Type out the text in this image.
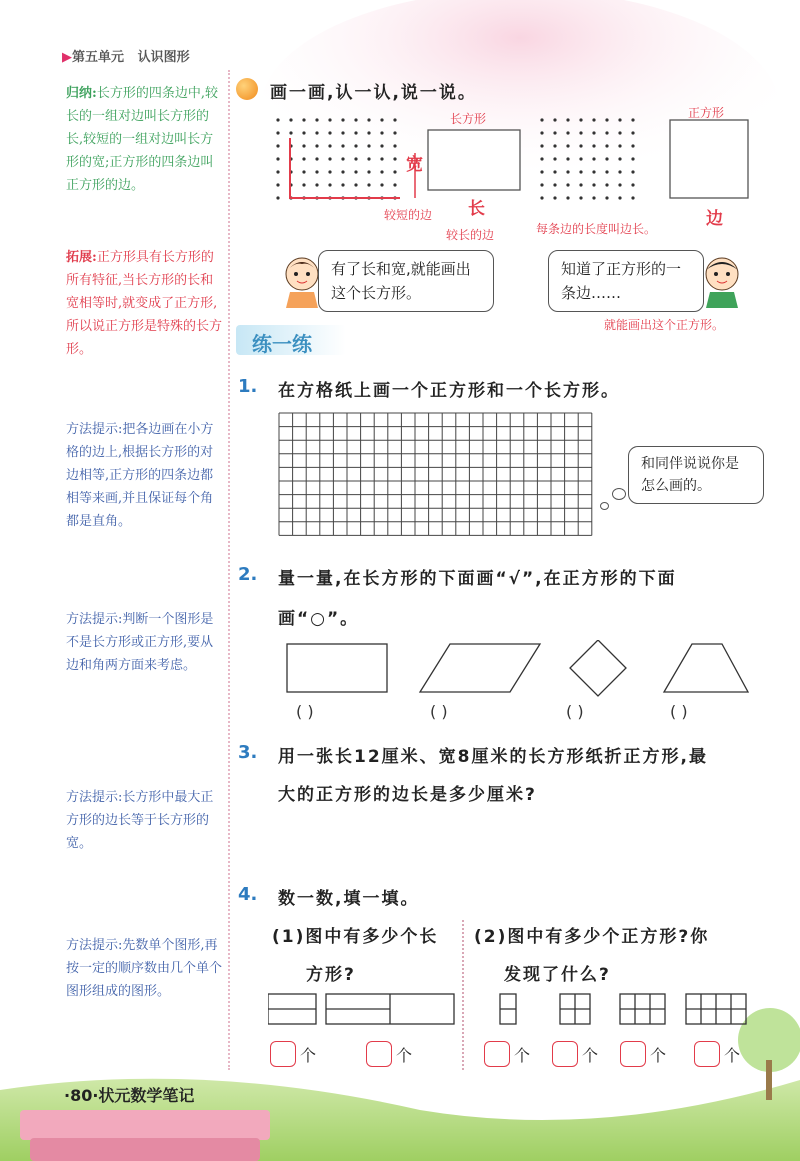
▶第五单元 认识图形
归纳:长方形的四条边中,较长的一组对边叫长方形的长,较短的一组对边叫长方形的宽;正方形的四条边叫正方形的边。
拓展:正方形具有长方形的所有特征,当长方形的长和宽相等时,就变成了正方形,所以说正方形是特殊的长方形。
方法提示:把各边画在小方格的边上,根据长方形的对边相等,正方形的四条边都相等来画,并且保证每个角都是直角。
方法提示:判断一个图形是不是长方形或正方形,要从边和角两方面来考虑。
方法提示:长方形中最大正方形的边长等于长方形的宽。
方法提示:先数单个图形,再按一定的顺序数由几个单个图形组成的图形。
画一画,认一认,说一说。
长方形	正方形
宽
长	边
较短的边
较长的边	每条边的长度叫边长。
有了长和宽,就能画出这个长方形。
知道了正方形的一条边……
就能画出这个正方形。
练一练
1. 在方格纸上画一个正方形和一个长方形。
和同伴说说你是怎么画的。
2. 量一量,在长方形的下面画“√”,在正方形的下面
画“○”。
( )	( )	( )	( )
3. 用一张长12厘米、宽8厘米的长方形纸折正方形,最
大的正方形的边长是多少厘米?
4. 数一数,填一填。
(1)图中有多少个长
方形?
(2)图中有多少个正方形?你
发现了什么?
个	个	个	个	个	个
·80·状元数学笔记
